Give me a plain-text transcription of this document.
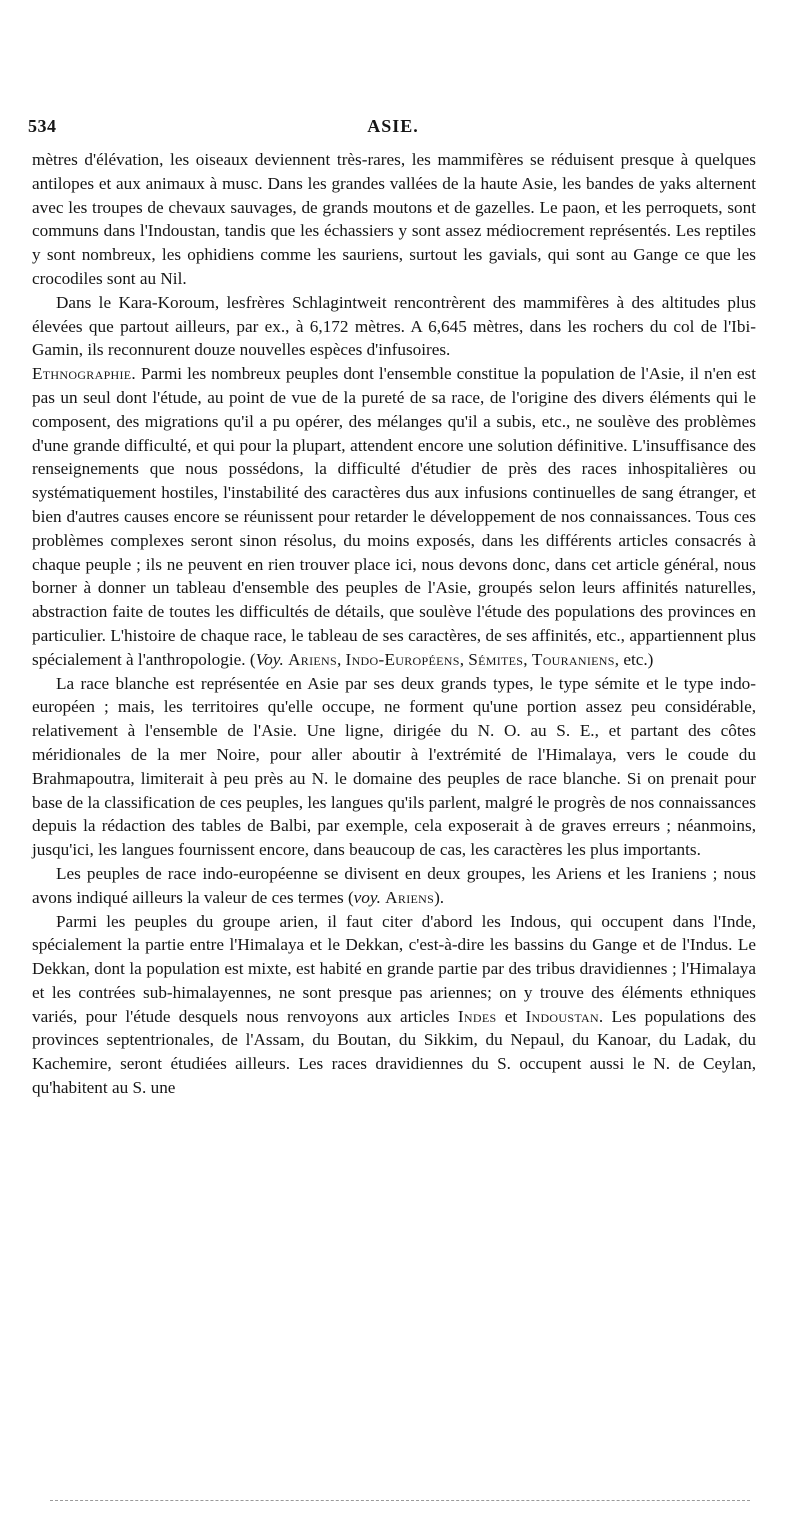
534	ASIE.

mètres d'élévation, les oiseaux deviennent très-rares, les mammifères se réduisent presque à quelques antilopes et aux animaux à musc. Dans les grandes vallées de la haute Asie, les bandes de yaks alternent avec les troupes de chevaux sauvages, de grands moutons et de gazelles. Le paon, et les perroquets, sont communs dans l'Indoustan, tandis que les échassiers y sont assez médiocrement représentés. Les reptiles y sont nombreux, les ophidiens comme les sauriens, surtout les gavials, qui sont au Gange ce que les crocodiles sont au Nil.

Dans le Kara-Koroum, lesfrères Schlagintweit rencontrèrent des mammifères à des altitudes plus élevées que partout ailleurs, par ex., à 6,172 mètres. A 6,645 mètres, dans les rochers du col de l'Ibi-Gamin, ils reconnurent douze nouvelles espèces d'infusoires.

Ethnographie. Parmi les nombreux peuples dont l'ensemble constitue la population de l'Asie, il n'en est pas un seul dont l'étude, au point de vue de la pureté de sa race, de l'origine des divers éléments qui le composent, des migrations qu'il a pu opérer, des mélanges qu'il a subis, etc., ne soulève des problèmes d'une grande difficulté, et qui pour la plupart, attendent encore une solution définitive. L'insuffisance des renseignements que nous possédons, la difficulté d'étudier de près des races inhospitalières ou systématiquement hostiles, l'instabilité des caractères dus aux infusions continuelles de sang étranger, et bien d'autres causes encore se réunissent pour retarder le développement de nos connaissances. Tous ces problèmes complexes seront sinon résolus, du moins exposés, dans les différents articles consacrés à chaque peuple ; ils ne peuvent en rien trouver place ici, nous devons donc, dans cet article général, nous borner à donner un tableau d'ensemble des peuples de l'Asie, groupés selon leurs affinités naturelles, abstraction faite de toutes les difficultés de détails, que soulève l'étude des populations des provinces en particulier. L'histoire de chaque race, le tableau de ses caractères, de ses affinités, etc., appartiennent plus spécialement à l'anthropologie. (Voy. Ariens, Indo-Européens, Sémites, Touraniens, etc.)

La race blanche est représentée en Asie par ses deux grands types, le type sémite et le type indo-européen ; mais, les territoires qu'elle occupe, ne forment qu'une portion assez peu considérable, relativement à l'ensemble de l'Asie. Une ligne, dirigée du N. O. au S. E., et partant des côtes méridionales de la mer Noire, pour aller aboutir à l'extrémité de l'Himalaya, vers le coude du Brahmapoutra, limiterait à peu près au N. le domaine des peuples de race blanche. Si on prenait pour base de la classification de ces peuples, les langues qu'ils parlent, malgré le progrès de nos connaissances depuis la rédaction des tables de Balbi, par exemple, cela exposerait à de graves erreurs ; néanmoins, jusqu'ici, les langues fournissent encore, dans beaucoup de cas, les caractères les plus importants.

Les peuples de race indo-européenne se divisent en deux groupes, les Ariens et les Iraniens ; nous avons indiqué ailleurs la valeur de ces termes (voy. Ariens).

Parmi les peuples du groupe arien, il faut citer d'abord les Indous, qui occupent dans l'Inde, spécialement la partie entre l'Himalaya et le Dekkan, c'est-à-dire les bassins du Gange et de l'Indus. Le Dekkan, dont la population est mixte, est habité en grande partie par des tribus dravidiennes ; l'Himalaya et les contrées sub-himalayennes, ne sont presque pas ariennes; on y trouve des éléments ethniques variés, pour l'étude desquels nous renvoyons aux articles Indes et Indoustan. Les populations des provinces septentrionales, de l'Assam, du Boutan, du Sikkim, du Nepaul, du Kanoar, du Ladak, du Kachemire, seront étudiées ailleurs. Les races dravidiennes du S. occupent aussi le N. de Ceylan, qu'habitent au S. une
